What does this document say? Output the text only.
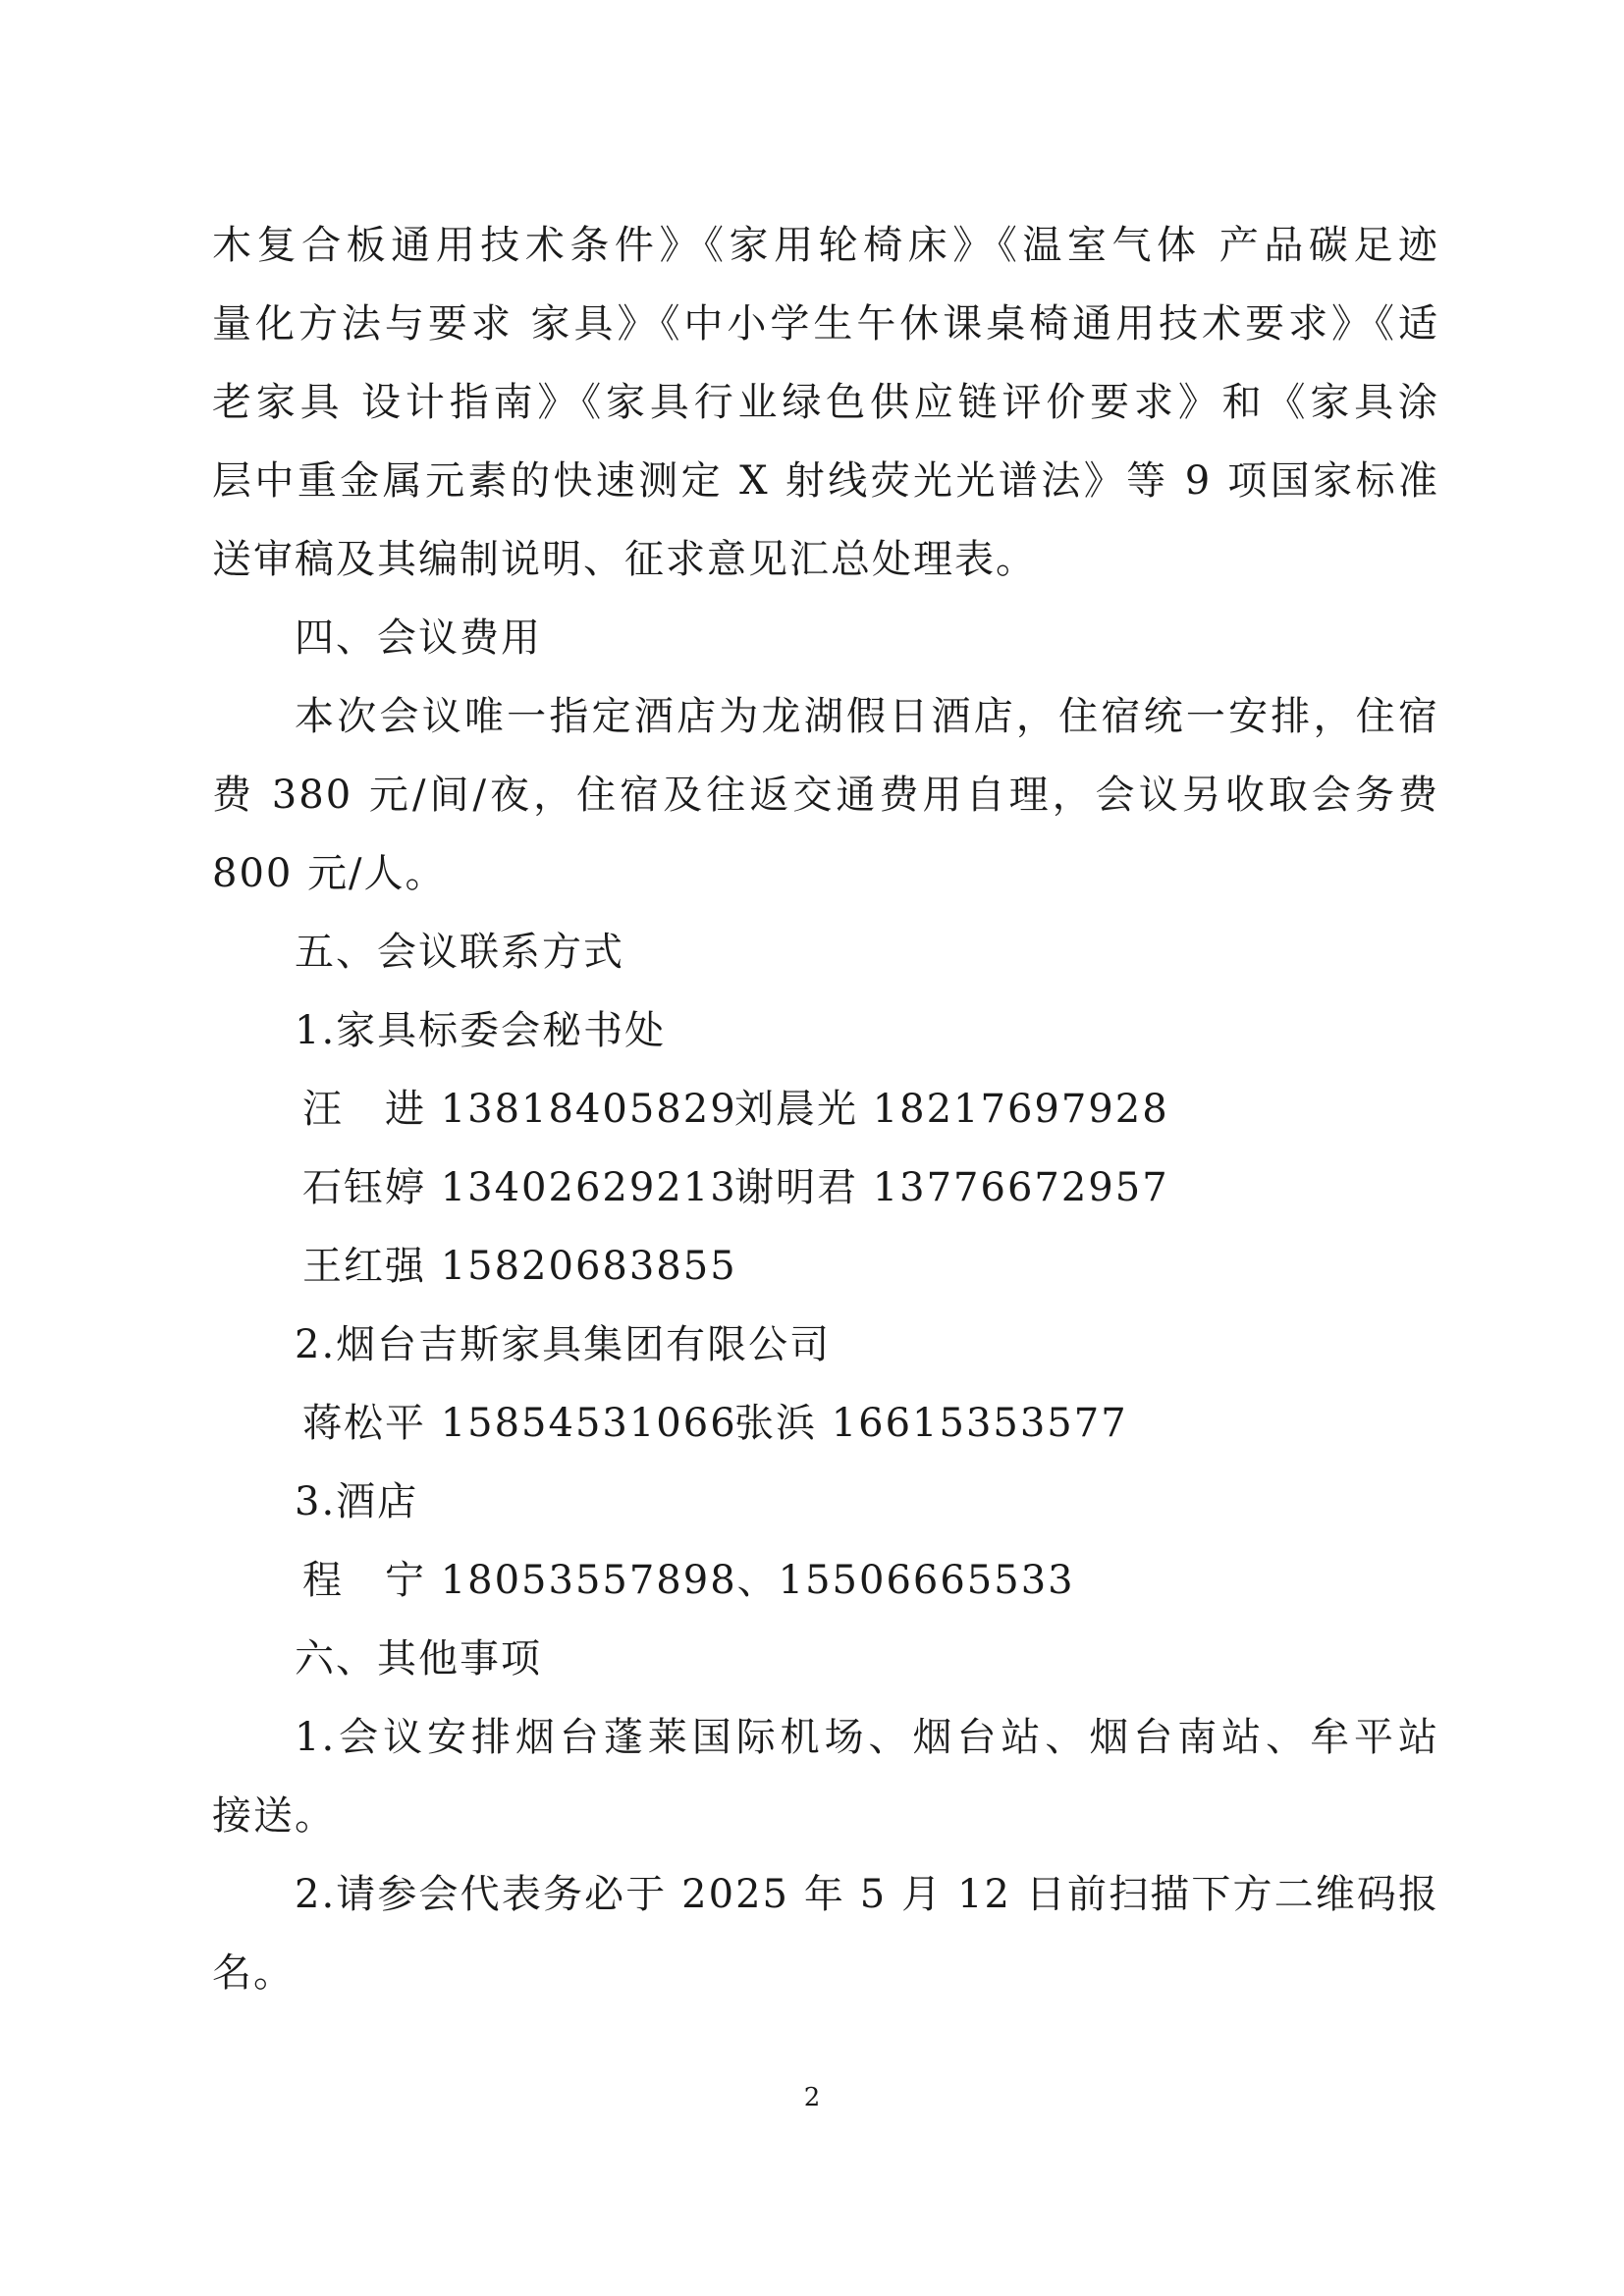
木复合板通用技术条件》《家用轮椅床》《温室气体 产品碳足迹
量化方法与要求 家具》《中小学生午休课桌椅通用技术要求》《适
老家具 设计指南》《家具行业绿色供应链评价要求》和《家具涂
层中重金属元素的快速测定 X 射线荧光光谱法》等 9 项国家标准
送审稿及其编制说明、征求意见汇总处理表。
四、会议费用
本次会议唯一指定酒店为龙湖假日酒店，住宿统一安排，住宿
费 380 元/间/夜，住宿及往返交通费用自理，会议另收取会务费
800 元/人。
五、会议联系方式
1.家具标委会秘书处
汪　进 13818405829
刘晨光 18217697928
石钰婷 13402629213
谢明君 13776672957
王红强 15820683855
2.烟台吉斯家具集团有限公司
蒋松平 15854531066
张浜 16615353577
3.酒店
程　宁 18053557898、15506665533
六、其他事项
1.会议安排烟台蓬莱国际机场、烟台站、烟台南站、牟平站
接送。
2.请参会代表务必于 2025 年 5 月 12 日前扫描下方二维码报
名。
2
